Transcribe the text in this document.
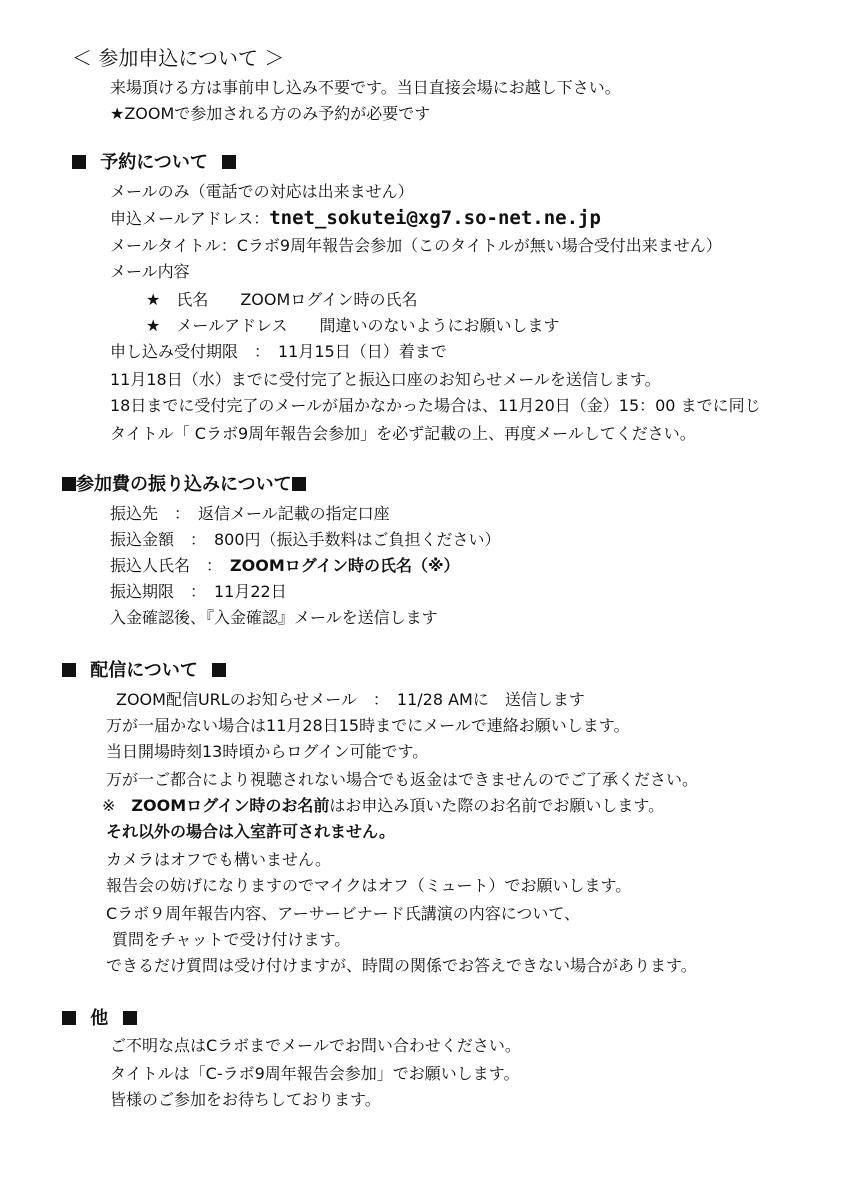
＜ 参加申込について ＞
来場頂ける方は事前申し込み不要です。当日直接会場にお越し下さい。
★ZOOMで参加される方のみ予約が必要です
予約について
メールのみ（電話での対応は出来ません）
申込メールアドレス：tnet_sokutei@xg7.so-net.ne.jp
メールタイトル：Cラボ9周年報告会参加（このタイトルが無い場合受付出来ません）
メール内容
★　氏名　　ZOOMログイン時の氏名
★　メールアドレス　　間違いのないようにお願いします
申し込み受付期限　：　11月15日（日）着まで
11月18日（水）までに受付完了と振込口座のお知らせメールを送信します。
18日までに受付完了のメールが届かなかった場合は、11月20日（金）15：00 までに同じ
タイトル「 Cラボ9周年報告会参加」を必ず記載の上、再度メールしてください。
参加費の振り込みについて
振込先　：　返信メール記載の指定口座
振込金額　：　800円（振込手数料はご負担ください）
振込人氏名　：　ZOOMログイン時の氏名（※）
振込期限　：　11月22日
入金確認後、『入金確認』メールを送信します
配信について
ZOOM配信URLのお知らせメール　：　11/28 AMに　送信します
万が一届かない場合は11月28日15時までにメールで連絡お願いします。
当日開場時刻13時頃からログイン可能です。
万が一ご都合により視聴されない場合でも返金はできませんのでご了承ください。
※　ZOOMログイン時のお名前はお申込み頂いた際のお名前でお願いします。
それ以外の場合は入室許可されません。
カメラはオフでも構いません。
報告会の妨げになりますのでマイクはオフ（ミュート）でお願いします。
Cラボ９周年報告内容、アーサービナード氏講演の内容について、
質問をチャットで受け付けます。
できるだけ質問は受け付けますが、時間の関係でお答えできない場合があります。
他
ご不明な点はCラボまでメールでお問い合わせください。
タイトルは「C-ラボ9周年報告会参加」でお願いします。
皆様のご参加をお待ちしております。
